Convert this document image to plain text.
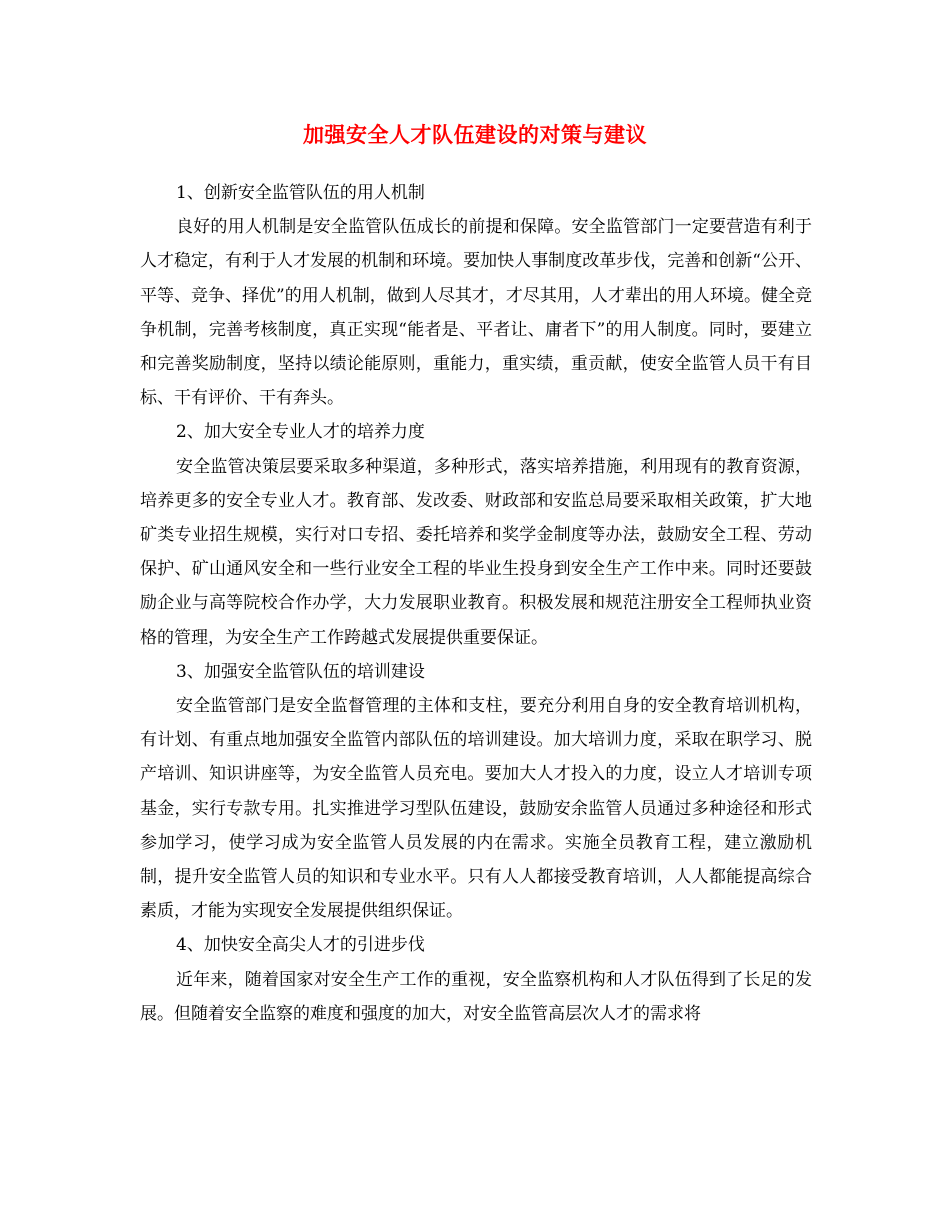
加强安全人才队伍建设的对策与建议

1、创新安全监管队伍的用人机制

良好的用人机制是安全监管队伍成长的前提和保障。安全监管部门一定要营造有利于人才稳定，有利于人才发展的机制和环境。要加快人事制度改革步伐，完善和创新“公开、平等、竞争、择优”的用人机制，做到人尽其才，才尽其用，人才辈出的用人环境。健全竞争机制，完善考核制度，真正实现“能者是、平者让、庸者下”的用人制度。同时，要建立和完善奖励制度，坚持以绩论能原则，重能力，重实绩，重贡献，使安全监管人员干有目标、干有评价、干有奔头。

2、加大安全专业人才的培养力度

安全监管决策层要采取多种渠道，多种形式，落实培养措施，利用现有的教育资源，培养更多的安全专业人才。教育部、发改委、财政部和安监总局要采取相关政策，扩大地矿类专业招生规模，实行对口专招、委托培养和奖学金制度等办法，鼓励安全工程、劳动保护、矿山通风安全和一些行业安全工程的毕业生投身到安全生产工作中来。同时还要鼓励企业与高等院校合作办学，大力发展职业教育。积极发展和规范注册安全工程师执业资格的管理，为安全生产工作跨越式发展提供重要保证。

3、加强安全监管队伍的培训建设

安全监管部门是安全监督管理的主体和支柱，要充分利用自身的安全教育培训机构，有计划、有重点地加强安全监管内部队伍的培训建设。加大培训力度，采取在职学习、脱产培训、知识讲座等，为安全监管人员充电。要加大人才投入的力度，设立人才培训专项基金，实行专款专用。扎实推进学习型队伍建设，鼓励安余监管人员通过多种途径和形式参加学习，使学习成为安全监管人员发展的内在需求。实施全员教育工程，建立激励机制，提升安全监管人员的知识和专业水平。只有人人都接受教育培训，人人都能提高综合素质，才能为实现安全发展提供组织保证。

4、加快安全高尖人才的引进步伐

近年来，随着国家对安全生产工作的重视，安全监察机构和人才队伍得到了长足的发展。但随着安全监察的难度和强度的加大，对安全监管高层次人才的需求将
